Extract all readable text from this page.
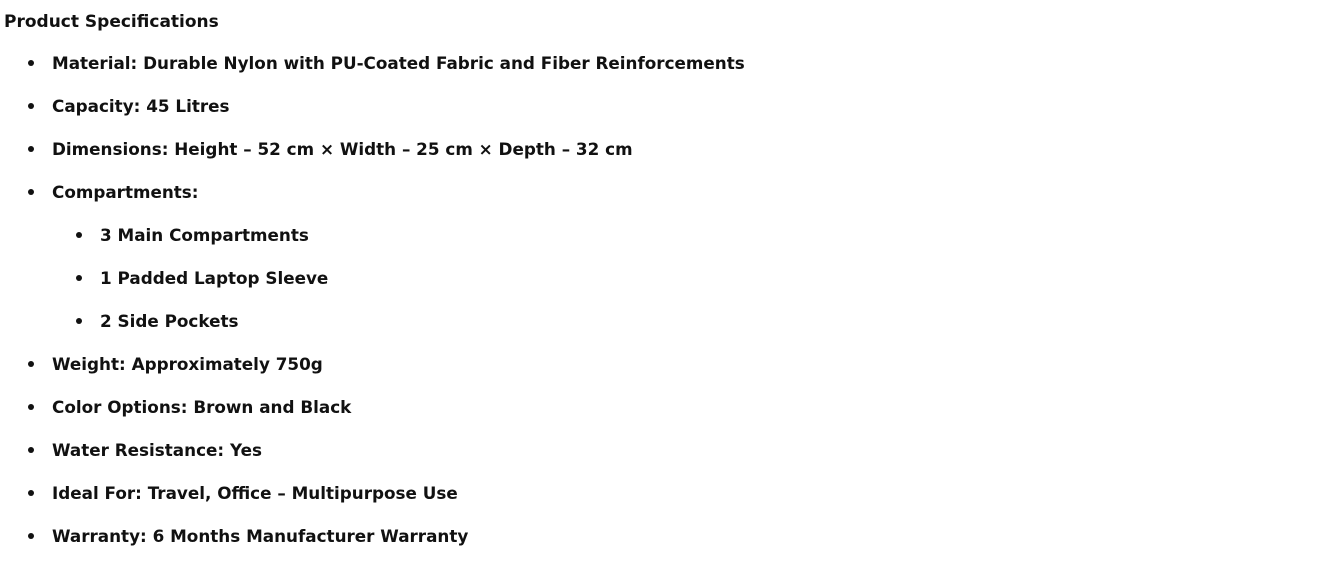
Product Specifications
Material: Durable Nylon with PU-Coated Fabric and Fiber Reinforcements
Capacity: 45 Litres
Dimensions: Height – 52 cm × Width – 25 cm × Depth – 32 cm
Compartments:
3 Main Compartments
1 Padded Laptop Sleeve
2 Side Pockets
Weight: Approximately 750g
Color Options: Brown and Black
Water Resistance: Yes
Ideal For: Travel, Office – Multipurpose Use
Warranty: 6 Months Manufacturer Warranty
